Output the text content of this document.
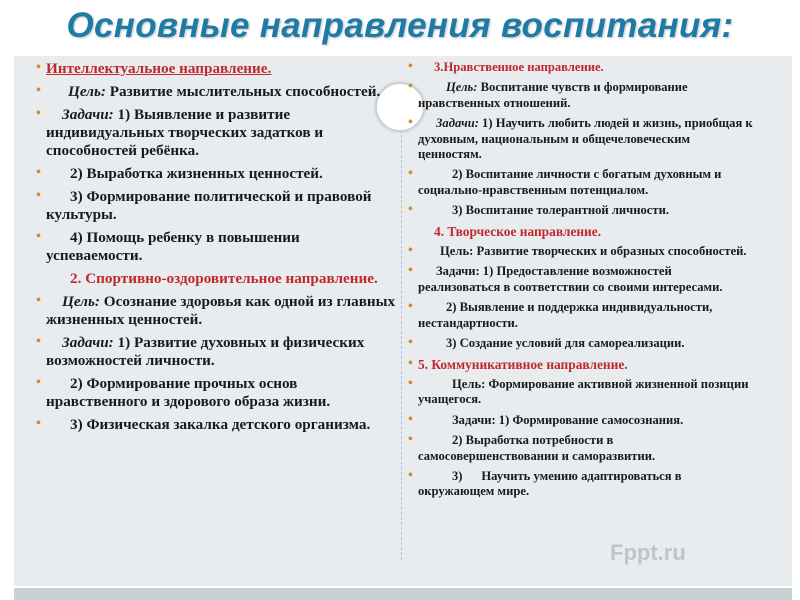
Основные направления воспитания:
• Интеллектуальное направление.
• Цель: Развитие мыслительных способностей.
• Задачи: 1) Выявление и развитие индивидуальных творческих задатков и способностей ребёнка.
• 2) Выработка жизненных ценностей.
• 3) Формирование политической и правовой культуры.
• 4) Помощь ребенку в повышении успеваемости.
2. Спортивно-оздоровительное направление.
• Цель: Осознание здоровья как одной из главных жизненных ценностей.
• Задачи: 1) Развитие духовных и физических возможностей личности.
• 2) Формирование прочных основ нравственного и здорового образа жизни.
• 3) Физическая закалка детского организма.
• 3.Нравственное направление.
•	Цель: Воспитание чувств и формирование нравственных отношений.
• Задачи: 1) Научить любить людей и жизнь, приобщая к духовным, национальным и общечеловеческим ценностям.
•	2) Воспитание личности с богатым духовным и социально-нравственным потенциалом.
•	3) Воспитание толерантной личности.
4. Творческое направление.
• Цель: Развитие творческих и образных способностей.
• Задачи: 1) Предоставление возможностей реализоваться в соответствии со своими интересами.
•	2) Выявление и поддержка индивидуальности, нестандартности.
•	3) Создание условий для самореализации.
• 5. Коммуникативное направление.
•	Цель: Формирование активной жизненной позиции учащегося.
•	Задачи: 1) Формирование самосознания.
•	2) Выработка потребности в самосовершенствовании и саморазвитии.
•	3)      Научить умению адаптироваться в окружающем мире.
Fppt.ru
